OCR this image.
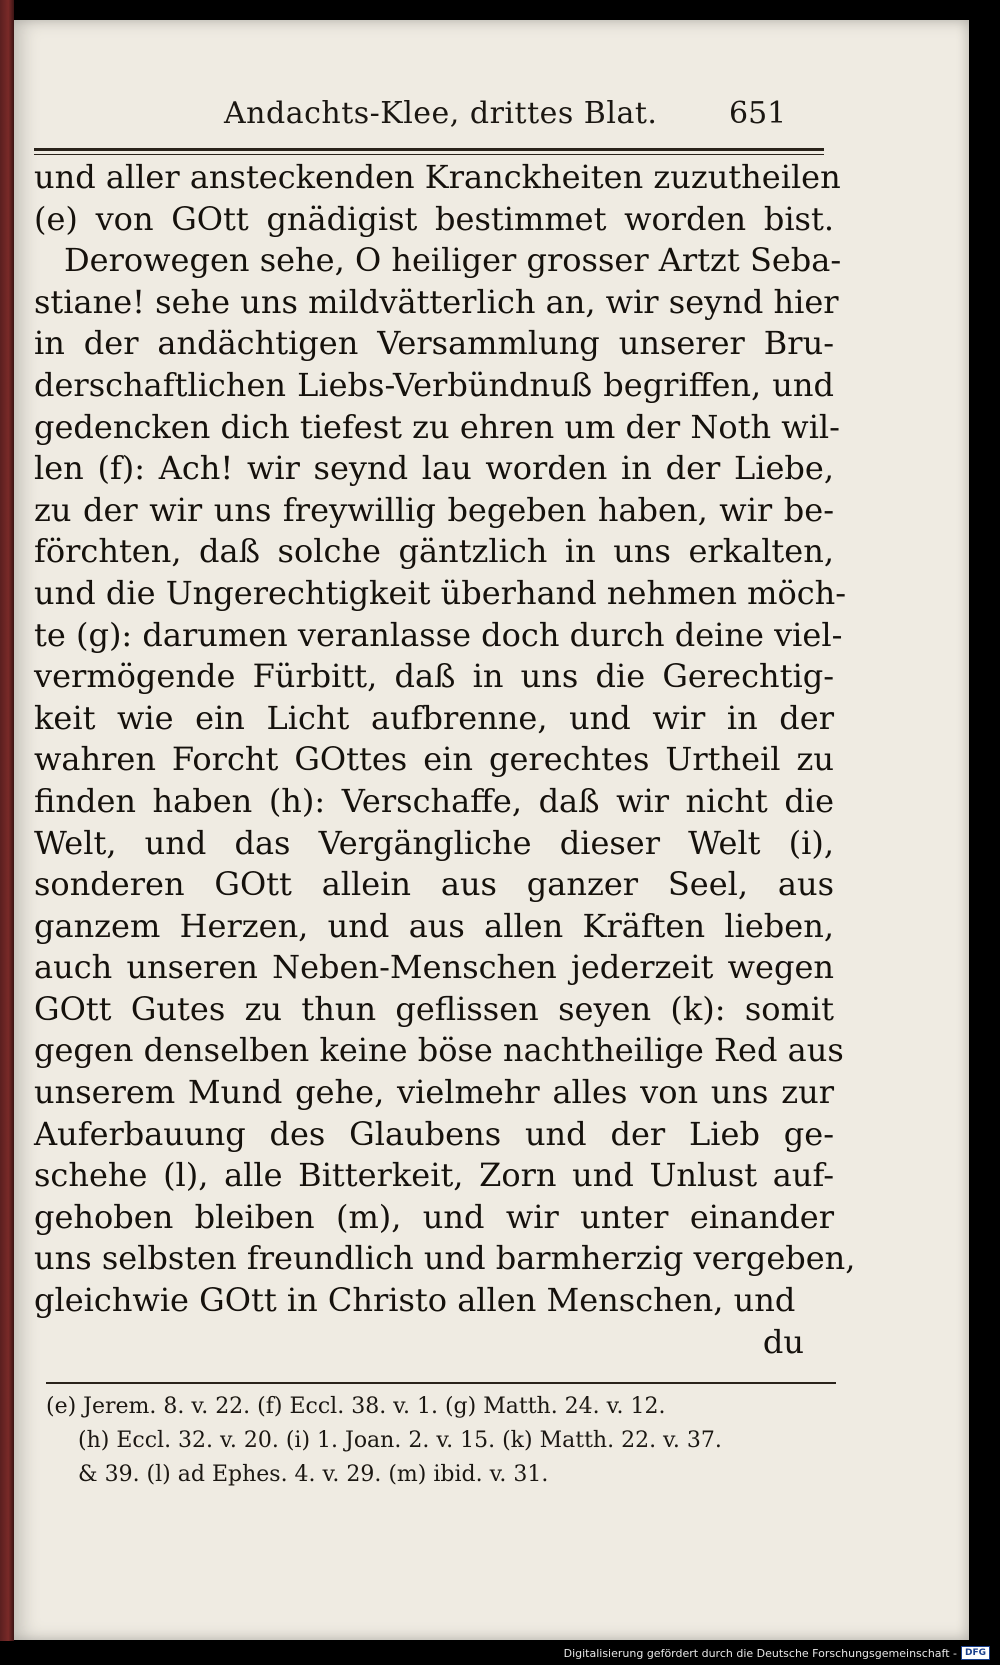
Andachts-Klee, drittes Blat. 651
und aller ansteckenden Kranckheiten zuzutheilen
(e) von GOtt gnädigist bestimmet worden bist.
Derowegen sehe, O heiliger grosser Artzt Seba-
stiane! sehe uns mildvätterlich an, wir seynd hier
in der andächtigen Versammlung unserer Bru-
derschaftlichen Liebs-Verbündnuß begriffen, und
gedencken dich tiefest zu ehren um der Noth wil-
len (f): Ach! wir seynd lau worden in der Liebe,
zu der wir uns freywillig begeben haben, wir be-
förchten, daß solche gäntzlich in uns erkalten,
und die Ungerechtigkeit überhand nehmen möch-
te (g): darumen veranlasse doch durch deine viel-
vermögende Fürbitt, daß in uns die Gerechtig-
keit wie ein Licht aufbrenne, und wir in der
wahren Forcht GOttes ein gerechtes Urtheil zu
finden haben (h): Verschaffe, daß wir nicht die
Welt, und das Vergängliche dieser Welt (i),
sonderen GOtt allein aus ganzer Seel, aus
ganzem Herzen, und aus allen Kräften lieben,
auch unseren Neben-Menschen jederzeit wegen
GOtt Gutes zu thun geflissen seyen (k): somit
gegen denselben keine böse nachtheilige Red aus
unserem Mund gehe, vielmehr alles von uns zur
Auferbauung des Glaubens und der Lieb ge-
schehe (l), alle Bitterkeit, Zorn und Unlust auf-
gehoben bleiben (m), und wir unter einander
uns selbsten freundlich und barmherzig vergeben,
gleichwie GOtt in Christo allen Menschen, und
du
(e) Jerem. 8. v. 22. (f) Eccl. 38. v. 1. (g) Matth. 24. v. 12.
(h) Eccl. 32. v. 20. (i) 1. Joan. 2. v. 15. (k) Matth. 22. v. 37.
& 39. (l) ad Ephes. 4. v. 29. (m) ibid. v. 31.
Digitalisierung gefördert durch die Deutsche Forschungsgemeinschaft - DFG
